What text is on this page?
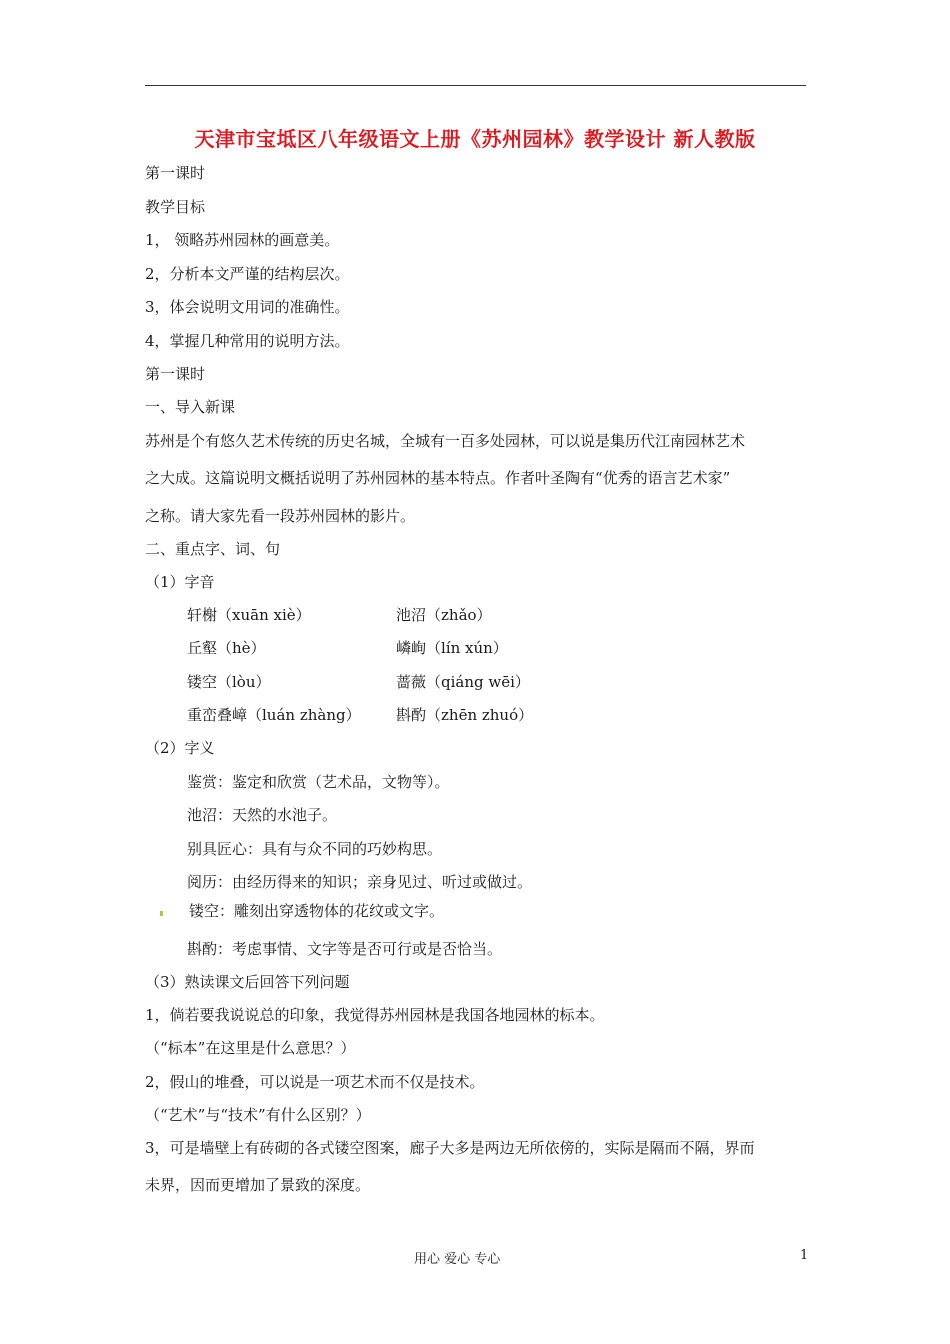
天津市宝坻区八年级语文上册《苏州园林》教学设计 新人教版
第一课时
教学目标
1， 领略苏州园林的画意美。
2，分析本文严谨的结构层次。
3，体会说明文用词的准确性。
4，掌握几种常用的说明方法。
第一课时
一、导入新课
苏州是个有悠久艺术传统的历史名城，全城有一百多处园林，可以说是集历代江南园林艺术
之大成。这篇说明文概括说明了苏州园林的基本特点。作者叶圣陶有“优秀的语言艺术家”
之称。请大家先看一段苏州园林的影片。
二、重点字、词、句
（1）字音
轩榭（xuān xiè）	池沼（zhǎo）
丘壑（hè）	嶙峋（lín xún）
镂空（lòu）	蔷薇（qiáng wēi）
重峦叠嶂（luán zhàng） 斟酌（zhēn zhuó）
（2）字义
鉴赏：鉴定和欣赏（艺术品，文物等）。
池沼：天然的水池子。
别具匠心：具有与众不同的巧妙构思。
阅历：由经历得来的知识；亲身见过、听过或做过。
镂空：雕刻出穿透物体的花纹或文字。
斟酌：考虑事情、文字等是否可行或是否恰当。
（3）熟读课文后回答下列问题
1，倘若要我说说总的印象，我觉得苏州园林是我国各地园林的标本。
（“标本”在这里是什么意思？）
2，假山的堆叠，可以说是一项艺术而不仅是技术。
（“艺术”与“技术”有什么区别？）
3，可是墙壁上有砖砌的各式镂空图案，廊子大多是两边无所依傍的，实际是隔而不隔，界而
未界，因而更增加了景致的深度。
用心 爱心 专心	1
